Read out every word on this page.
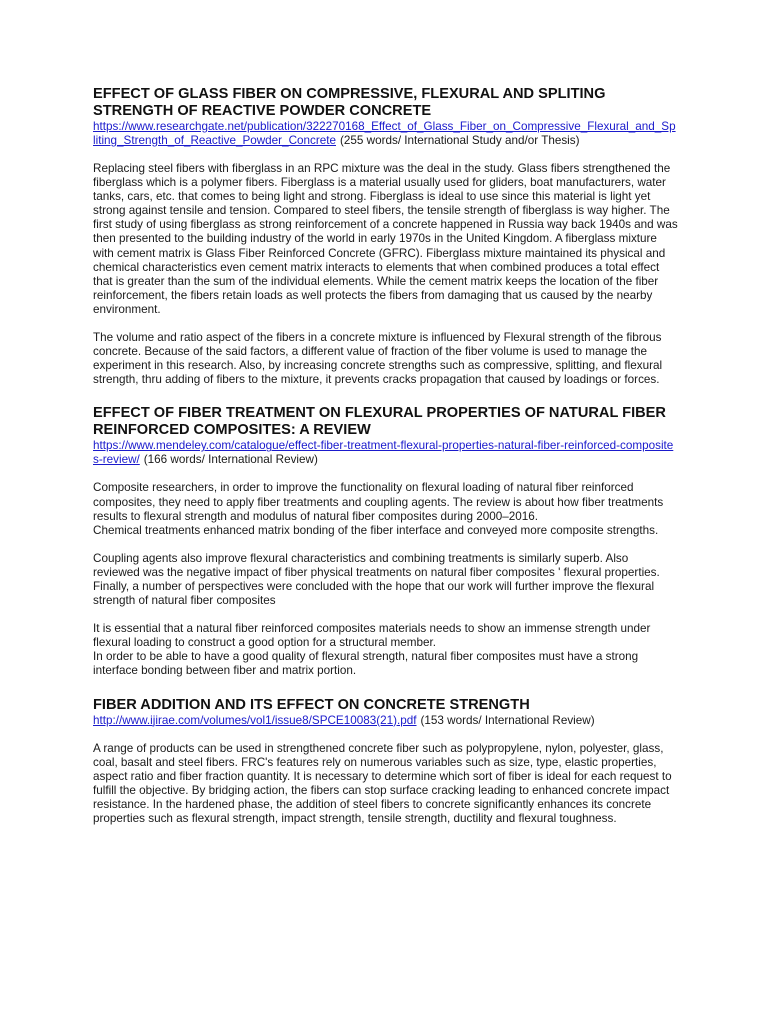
EFFECT OF GLASS FIBER ON COMPRESSIVE, FLEXURAL AND SPLITING STRENGTH OF REACTIVE POWDER CONCRETE

https://www.researchgate.net/publication/322270168_Effect_of_Glass_Fiber_on_Compressive_Flexural_and_Spliting_Strength_of_Reactive_Powder_Concrete (255 words/ International Study and/or Thesis)

Replacing steel fibers with fiberglass in an RPC mixture was the deal in the study. Glass fibers strengthened the fiberglass which is a polymer fibers. Fiberglass is a material usually used for gliders, boat manufacturers, water tanks, cars, etc. that comes to being light and strong. Fiberglass is ideal to use since this material is light yet strong against tensile and tension. Compared to steel fibers, the tensile strength of fiberglass is way higher. The first study of using fiberglass as strong reinforcement of a concrete happened in Russia way back 1940s and was then presented to the building industry of the world in early 1970s in the United Kingdom. A fiberglass mixture with cement matrix is Glass Fiber Reinforced Concrete (GFRC). Fiberglass mixture maintained its physical and chemical characteristics even cement matrix interacts to elements that when combined produces a total effect that is greater than the sum of the individual elements. While the cement matrix keeps the location of the fiber reinforcement, the fibers retain loads as well protects the fibers from damaging that us caused by the nearby environment.

The volume and ratio aspect of the fibers in a concrete mixture is influenced by Flexural strength of the fibrous concrete. Because of the said factors, a different value of fraction of the fiber volume is used to manage the experiment in this research. Also, by increasing concrete strengths such as compressive, splitting, and flexural strength, thru adding of fibers to the mixture, it prevents cracks propagation that caused by loadings or forces.

EFFECT OF FIBER TREATMENT ON FLEXURAL PROPERTIES OF NATURAL FIBER REINFORCED COMPOSITES: A REVIEW

https://www.mendeley.com/catalogue/effect-fiber-treatment-flexural-properties-natural-fiber-reinforced-composites-review/ (166 words/ International Review)

Composite researchers, in order to improve the functionality on flexural loading of natural fiber reinforced composites, they need to apply fiber treatments and coupling agents. The review is about how fiber treatments results to flexural strength and modulus of natural fiber composites during 2000–2016.

Chemical treatments enhanced matrix bonding of the fiber interface and conveyed more composite strengths.

Coupling agents also improve flexural characteristics and combining treatments is similarly superb. Also reviewed was the negative impact of fiber physical treatments on natural fiber composites ' flexural properties. Finally, a number of perspectives were concluded with the hope that our work will further improve the flexural strength of natural fiber composites

It is essential that a natural fiber reinforced composites materials needs to show an immense strength under flexural loading to construct a good option for a structural member.

In order to be able to have a good quality of flexural strength, natural fiber composites must have a strong interface bonding between fiber and matrix portion.

FIBER ADDITION AND ITS EFFECT ON CONCRETE STRENGTH

http://www.ijirae.com/volumes/vol1/issue8/SPCE10083(21).pdf (153 words/ International Review)

A range of products can be used in strengthened concrete fiber such as polypropylene, nylon, polyester, glass, coal, basalt and steel fibers. FRC's features rely on numerous variables such as size, type, elastic properties, aspect ratio and fiber fraction quantity. It is necessary to determine which sort of fiber is ideal for each request to fulfill the objective. By bridging action, the fibers can stop surface cracking leading to enhanced concrete impact resistance. In the hardened phase, the addition of steel fibers to concrete significantly enhances its concrete properties such as flexural strength, impact strength, tensile strength, ductility and flexural toughness.
